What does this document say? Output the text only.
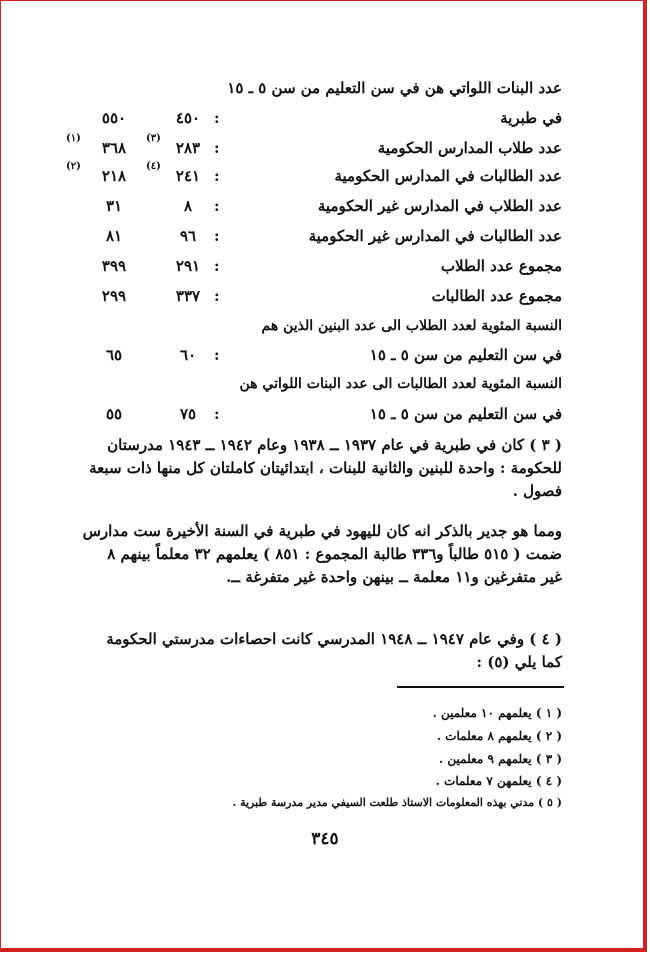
عدد البنات اللواتي هن في سن التعليم من سن ٥ ـ ١٥
في طبرية
:
٤٥٠
٥٥٠
عدد طلاب المدارس الحكومية
:
٢٨٣
(٣)
٣٦٨
(١)
عدد الطالبات في المدارس الحكومية
:
٢٤١
(٤)
٢١٨
(٢)
عدد الطلاب في المدارس غير الحكومية
:
٨
٣١
عدد الطالبات في المدارس غير الحكومية
:
٩٦
٨١
مجموع عدد الطلاب
:
٢٩١
٣٩٩
مجموع عدد الطالبات
:
٣٣٧
٢٩٩
النسبة المئوية لعدد الطلاب الى عدد البنين الذين هم
في سن التعليم من سن ٥ ـ ١٥
:
٦٠
٦٥
النسبة المئوية لعدد الطالبات الى عدد البنات اللواتي هن
في سن التعليم من سن ٥ ـ ١٥
:
٧٥
٥٥
( ٣ ) كان في طبرية في عام ١٩٣٧ ــ ١٩٣٨ وعام ١٩٤٢ ــ ١٩٤٣ مدرستان للحكومة : واحدة للبنين والثانية للبنات ، ابتدائيتان كاملتان كل منها ذات سبعة فصول .
ومما هو جدير بالذكر انه كان لليهود في طبرية في السنة الأخيرة ست مدارس ضمت ( ٥١٥ طالباً و٣٣٦ طالبة المجموع : ٨٥١ ) يعلمهم ٣٢ معلماً بينهم ٨ غير متفرغين و١١ معلمة ــ بينهن واحدة غير متفرغة ــ.
( ٤ ) وفي عام ١٩٤٧ ــ ١٩٤٨ المدرسي كانت احصاءات مدرستي الحكومة كما يلي (٥) :
( ١ ) يعلمهم ١٠ معلمين .
( ٢ ) يعلمهم ٨ معلمات .
( ٣ ) يعلمهم ٩ معلمين .
( ٤ ) يعلمهن ٧ معلمات .
( ٥ ) مدني بهذه المعلومات الاستاذ طلعت السيفي مدير مدرسة طبرية .
٣٤٥
